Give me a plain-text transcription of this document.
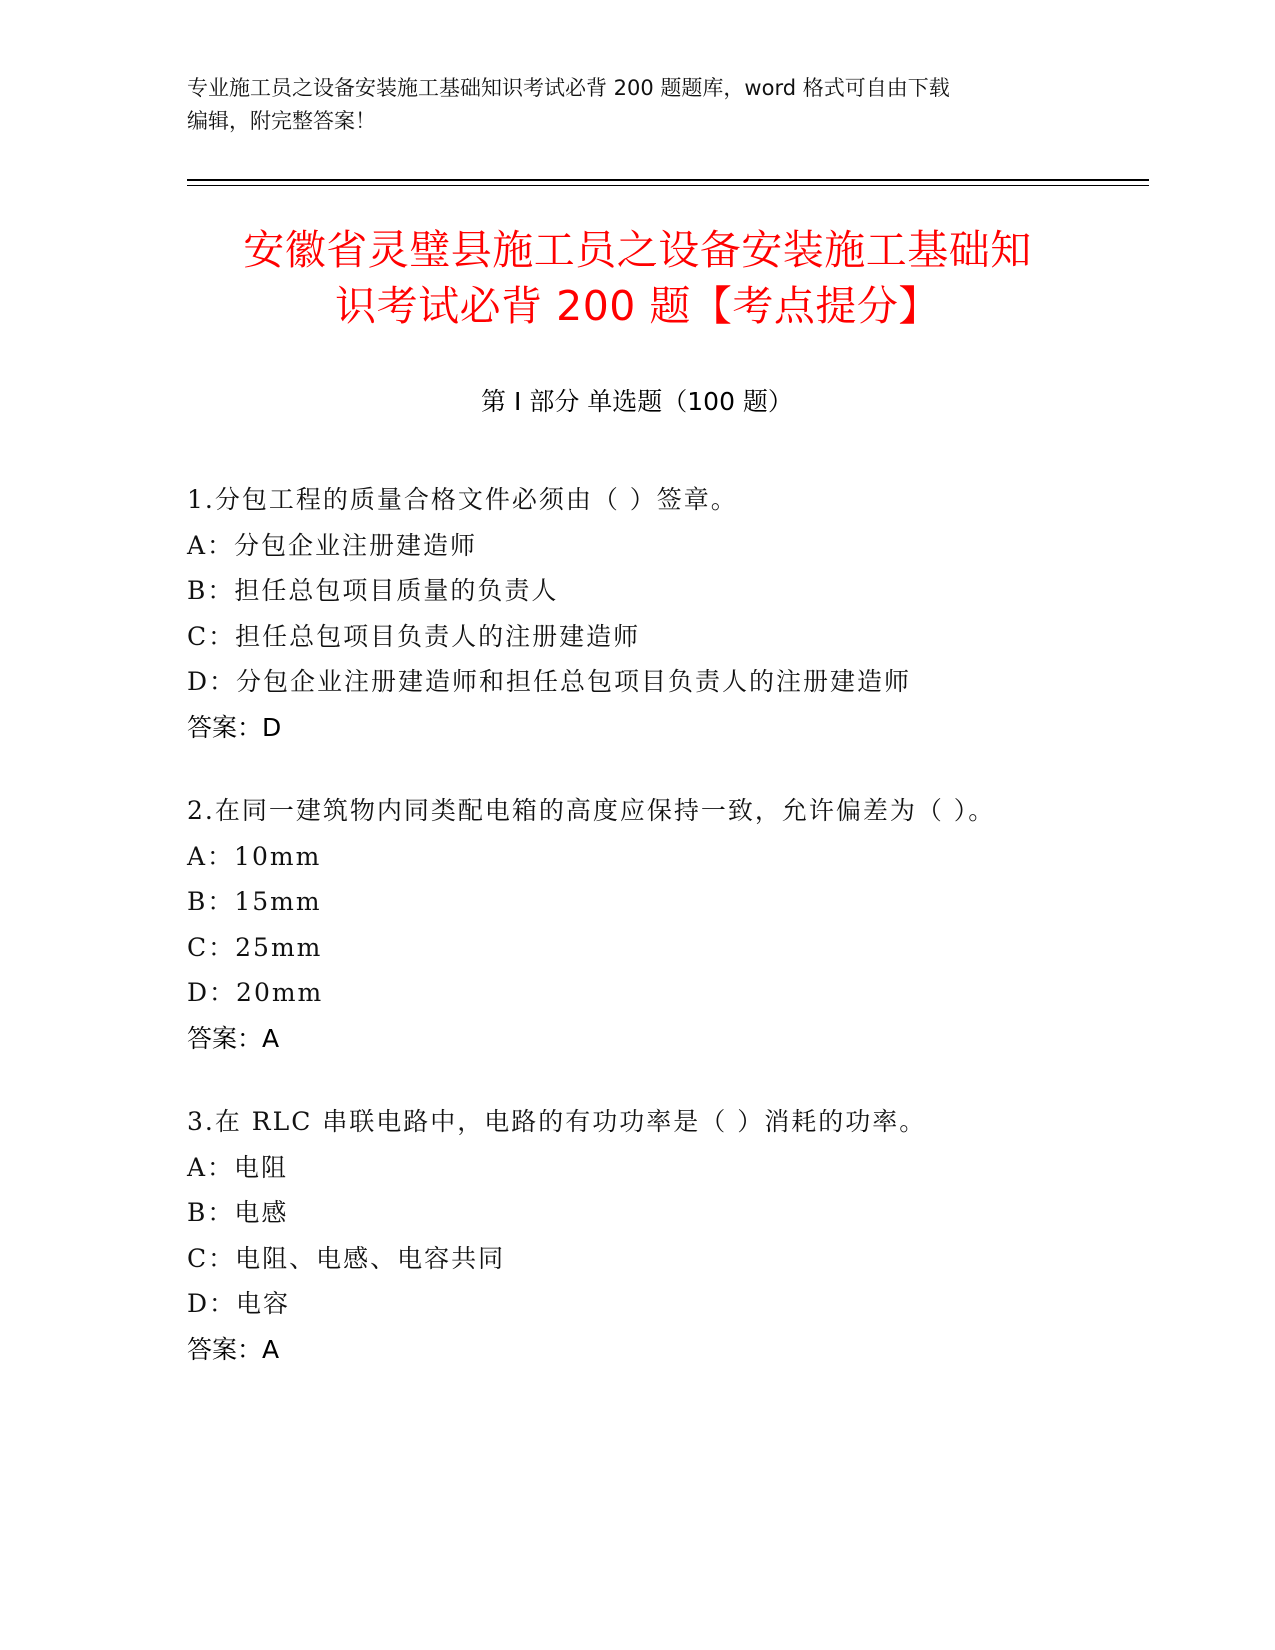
专业施工员之设备安装施工基础知识考试必背 200 题题库，word 格式可自由下载
编辑，附完整答案！
安徽省灵璧县施工员之设备安装施工基础知
识考试必背 200 题【考点提分】
第 I 部分 单选题（100 题）
1.分包工程的质量合格文件必须由（ ）签章。
A：分包企业注册建造师
B：担任总包项目质量的负责人
C：担任总包项目负责人的注册建造师
D：分包企业注册建造师和担任总包项目负责人的注册建造师
答案：D
2.在同一建筑物内同类配电箱的高度应保持一致，允许偏差为（ ）。
A：10mm
B：15mm
C：25mm
D：20mm
答案：A
3.在 RLC 串联电路中，电路的有功功率是（ ）消耗的功率。
A：电阻
B：电感
C：电阻、电感、电容共同
D：电容
答案：A
